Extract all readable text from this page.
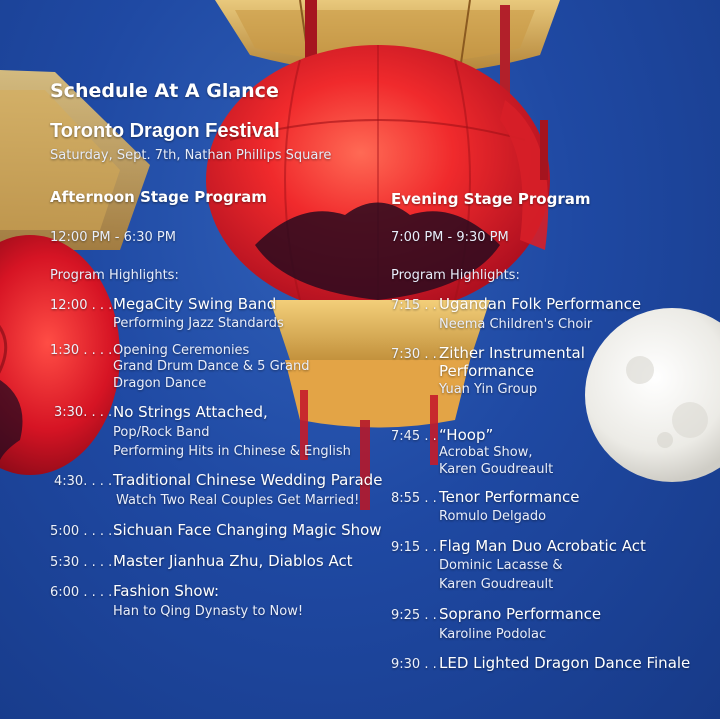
Schedule At A Glance
Toronto Dragon Festival
Saturday, Sept. 7th, Nathan Phillips Square
Afternoon Stage Program
12:00 PM - 6:30 PM
Program Highlights:
12:00 . . . MegaCity Swing Band
Performing Jazz Standards
1:30 . . . . Opening Ceremonies
Grand Drum Dance & 5 Grand
Dragon Dance
3:30. . . . No Strings Attached,
Pop/Rock Band
Performing Hits in Chinese & English
4:30. . . . Traditional Chinese Wedding Parade
Watch Two Real Couples Get Married!
5:00 . . . . Sichuan Face Changing Magic Show
5:30 . . . . Master Jianhua Zhu, Diablos Act
6:00 . . . . Fashion Show:
Han to Qing Dynasty to Now!
Evening Stage Program
7:00 PM - 9:30 PM
Program Highlights:
7:15 . . Ugandan Folk Performance
Neema Children's Choir
7:30 . . Zither Instrumental
Performance
Yuan Yin Group
7:45 . . “Hoop”
Acrobat Show,
Karen Goudreault
8:55 . . Tenor Performance
Romulo Delgado
9:15 . . Flag Man Duo Acrobatic Act
Dominic Lacasse &
Karen Goudreault
9:25 . . Soprano Performance
Karoline Podolac
9:30 . . LED Lighted Dragon Dance Finale
